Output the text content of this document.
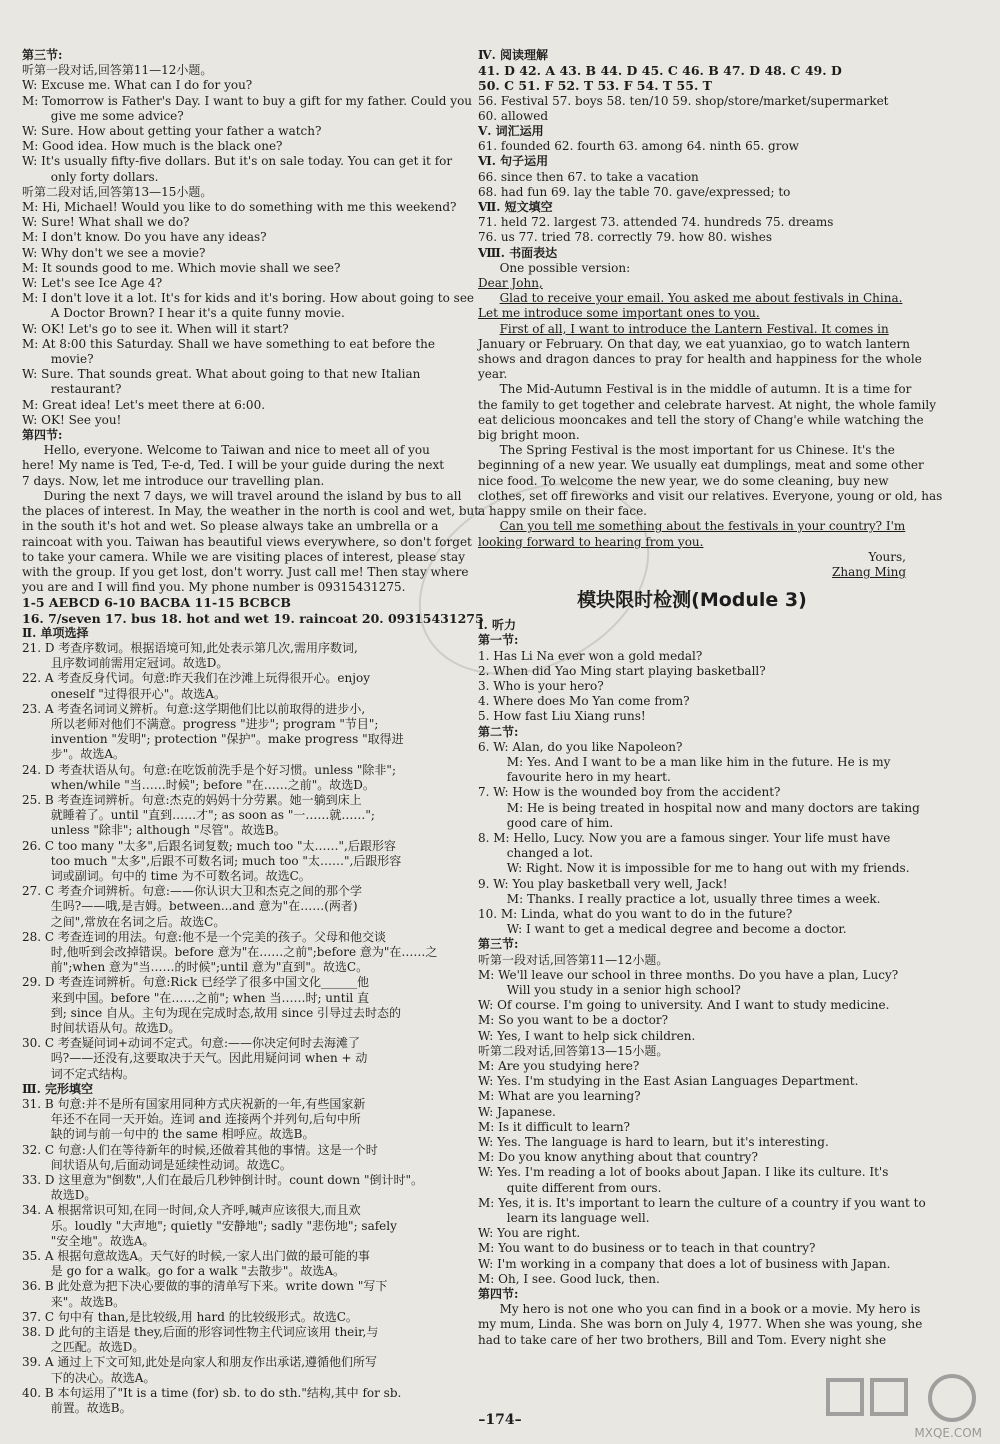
第三节:
听第一段对话,回答第11—12小题。
W: Excuse me. What can I do for you?
M: Tomorrow is Father's Day. I want to buy a gift for my father. Could you
give me some advice?
W: Sure. How about getting your father a watch?
M: Good idea. How much is the black one?
W: It's usually fifty-five dollars. But it's on sale today. You can get it for
only forty dollars.
听第二段对话,回答第13—15小题。
M: Hi, Michael! Would you like to do something with me this weekend?
W: Sure! What shall we do?
M: I don't know. Do you have any ideas?
W: Why don't we see a movie?
M: It sounds good to me. Which movie shall we see?
W: Let's see Ice Age 4?
M: I don't love it a lot. It's for kids and it's boring. How about going to see
A Doctor Brown? I hear it's a quite funny movie.
W: OK! Let's go to see it. When will it start?
M: At 8:00 this Saturday. Shall we have something to eat before the
movie?
W: Sure. That sounds great. What about going to that new Italian
restaurant?
M: Great idea! Let's meet there at 6:00.
W: OK! See you!
第四节:
Hello, everyone. Welcome to Taiwan and nice to meet all of you
here! My name is Ted, T-e-d, Ted. I will be your guide during the next
7 days. Now, let me introduce our travelling plan.
During the next 7 days, we will travel around the island by bus to all
the places of interest. In May, the weather in the north is cool and wet, but
in the south it's hot and wet. So please always take an umbrella or a
raincoat with you. Taiwan has beautiful views everywhere, so don't forget
to take your camera. While we are visiting places of interest, please stay
with the group. If you get lost, don't worry. Just call me! Then stay where
you are and I will find you. My phone number is 09315431275.
1-5 AEBCD 6-10 BACBA 11-15 BCBCB
16. 7/seven 17. bus 18. hot and wet 19. raincoat 20. 09315431275
Ⅱ. 单项选择
21. D 考查序数词。根据语境可知,此处表示第几次,需用序数词,
且序数词前需用定冠词。故选D。
22. A 考查反身代词。句意:昨天我们在沙滩上玩得很开心。enjoy
oneself "过得很开心"。故选A。
23. A 考查名词词义辨析。句意:这学期他们比以前取得的进步小,
所以老师对他们不满意。progress "进步"; program "节目";
invention "发明"; protection "保护"。make progress "取得进
步"。故选A。
24. D 考查状语从句。句意:在吃饭前洗手是个好习惯。unless "除非";
when/while "当……时候"; before "在……之前"。故选D。
25. B 考查连词辨析。句意:杰克的妈妈十分劳累。她一躺到床上
就睡着了。until "直到……才"; as soon as "一……就……";
unless "除非"; although "尽管"。故选B。
26. C too many "太多",后跟名词复数; much too "太……",后跟形容
too much "太多",后跟不可数名词; much too "太……",后跟形容
词或副词。句中的 time 为不可数名词。故选C。
27. C 考查介词辨析。句意:——你认识大卫和杰克之间的那个学
生吗?——哦,是吉姆。between...and 意为"在……(两者)
之间",常放在名词之后。故选C。
28. C 考查连词的用法。句意:他不是一个完美的孩子。父母和他交谈
时,他听到会改掉错误。before 意为"在……之前";before 意为"在……之
前";when 意为"当……的时候";until 意为"直到"。故选C。
29. D 考查连词辨析。句意:Rick 已经学了很多中国文化______他
来到中国。before "在……之前"; when 当……时; until 直
到; since 自从。主句为现在完成时态,故用 since 引导过去时态的
时间状语从句。故选D。
30. C 考查疑问词+动词不定式。句意:——你决定何时去海滩了
吗?——还没有,这要取决于天气。因此用疑问词 when + 动
词不定式结构。
Ⅲ. 完形填空
31. B 句意:并不是所有国家用同种方式庆祝新的一年,有些国家新
年还不在同一天开始。连词 and 连接两个并列句,后句中所
缺的词与前一句中的 the same 相呼应。故选B。
32. C 句意:人们在等待新年的时候,还做着其他的事情。这是一个时
间状语从句,后面动词是延续性动词。故选C。
33. D 这里意为"倒数",人们在最后几秒钟倒计时。count down "倒计时"。
故选D。
34. A 根据常识可知,在同一时间,众人齐呼,喊声应该很大,而且欢
乐。loudly "大声地"; quietly "安静地"; sadly "悲伤地"; safely
"安全地"。故选A。
35. A 根据句意故选A。天气好的时候,一家人出门做的最可能的事
是 go for a walk。go for a walk "去散步"。故选A。
36. B 此处意为把下决心要做的事的清单写下来。write down "写下
来"。故选B。
37. C 句中有 than,是比较级,用 hard 的比较级形式。故选C。
38. D 此句的主语是 they,后面的形容词性物主代词应该用 their,与
之匹配。故选D。
39. A 通过上下文可知,此处是向家人和朋友作出承诺,遵循他们所写
下的决心。故选A。
40. B 本句运用了"It is a time (for) sb. to do sth."结构,其中 for sb.
前置。故选B。
Ⅳ. 阅读理解
41. D 42. A 43. B 44. D 45. C 46. B 47. D 48. C 49. D
50. C 51. F 52. T 53. F 54. T 55. T
56. Festival 57. boys 58. ten/10 59. shop/store/market/supermarket
60. allowed
Ⅴ. 词汇运用
61. founded 62. fourth 63. among 64. ninth 65. grow
Ⅵ. 句子运用
66. since then 67. to take a vacation
68. had fun 69. lay the table 70. gave/expressed; to
Ⅶ. 短文填空
71. held 72. largest 73. attended 74. hundreds 75. dreams
76. us 77. tried 78. correctly 79. how 80. wishes
Ⅷ. 书面表达
One possible version:
Dear John,
Glad to receive your email. You asked me about festivals in China.
Let me introduce some important ones to you.
First of all, I want to introduce the Lantern Festival. It comes in
January or February. On that day, we eat yuanxiao, go to watch lantern
shows and dragon dances to pray for health and happiness for the whole
year.
The Mid-Autumn Festival is in the middle of autumn. It is a time for
the family to get together and celebrate harvest. At night, the whole family
eat delicious mooncakes and tell the story of Chang'e while watching the
big bright moon.
The Spring Festival is the most important for us Chinese. It's the
beginning of a new year. We usually eat dumplings, meat and some other
nice food. To welcome the new year, we do some cleaning, buy new
clothes, set off fireworks and visit our relatives. Everyone, young or old, has
a happy smile on their face.
Can you tell me something about the festivals in your country? I'm
looking forward to hearing from you.
Yours,
Zhang Ming
模块限时检测(Module 3)
Ⅰ. 听力
第一节:
1. Has Li Na ever won a gold medal?
2. When did Yao Ming start playing basketball?
3. Who is your hero?
4. Where does Mo Yan come from?
5. How fast Liu Xiang runs!
第二节:
6. W: Alan, do you like Napoleon?
M: Yes. And I want to be a man like him in the future. He is my
favourite hero in my heart.
7. W: How is the wounded boy from the accident?
M: He is being treated in hospital now and many doctors are taking
good care of him.
8. M: Hello, Lucy. Now you are a famous singer. Your life must have
changed a lot.
W: Right. Now it is impossible for me to hang out with my friends.
9. W: You play basketball very well, Jack!
M: Thanks. I really practice a lot, usually three times a week.
10. M: Linda, what do you want to do in the future?
W: I want to get a medical degree and become a doctor.
第三节:
听第一段对话,回答第11—12小题。
M: We'll leave our school in three months. Do you have a plan, Lucy?
Will you study in a senior high school?
W: Of course. I'm going to university. And I want to study medicine.
M: So you want to be a doctor?
W: Yes, I want to help sick children.
听第二段对话,回答第13—15小题。
M: Are you studying here?
W: Yes. I'm studying in the East Asian Languages Department.
M: What are you learning?
W: Japanese.
M: Is it difficult to learn?
W: Yes. The language is hard to learn, but it's interesting.
M: Do you know anything about that country?
W: Yes. I'm reading a lot of books about Japan. I like its culture. It's
quite different from ours.
M: Yes, it is. It's important to learn the culture of a country if you want to
learn its language well.
W: You are right.
M: You want to do business or to teach in that country?
W: I'm working in a company that does a lot of business with Japan.
M: Oh, I see. Good luck, then.
第四节:
My hero is not one who you can find in a book or a movie. My hero is
my mum, Linda. She was born on July 4, 1977. When she was young, she
had to take care of her two brothers, Bill and Tom. Every night she
–174–
MXQE.COM
